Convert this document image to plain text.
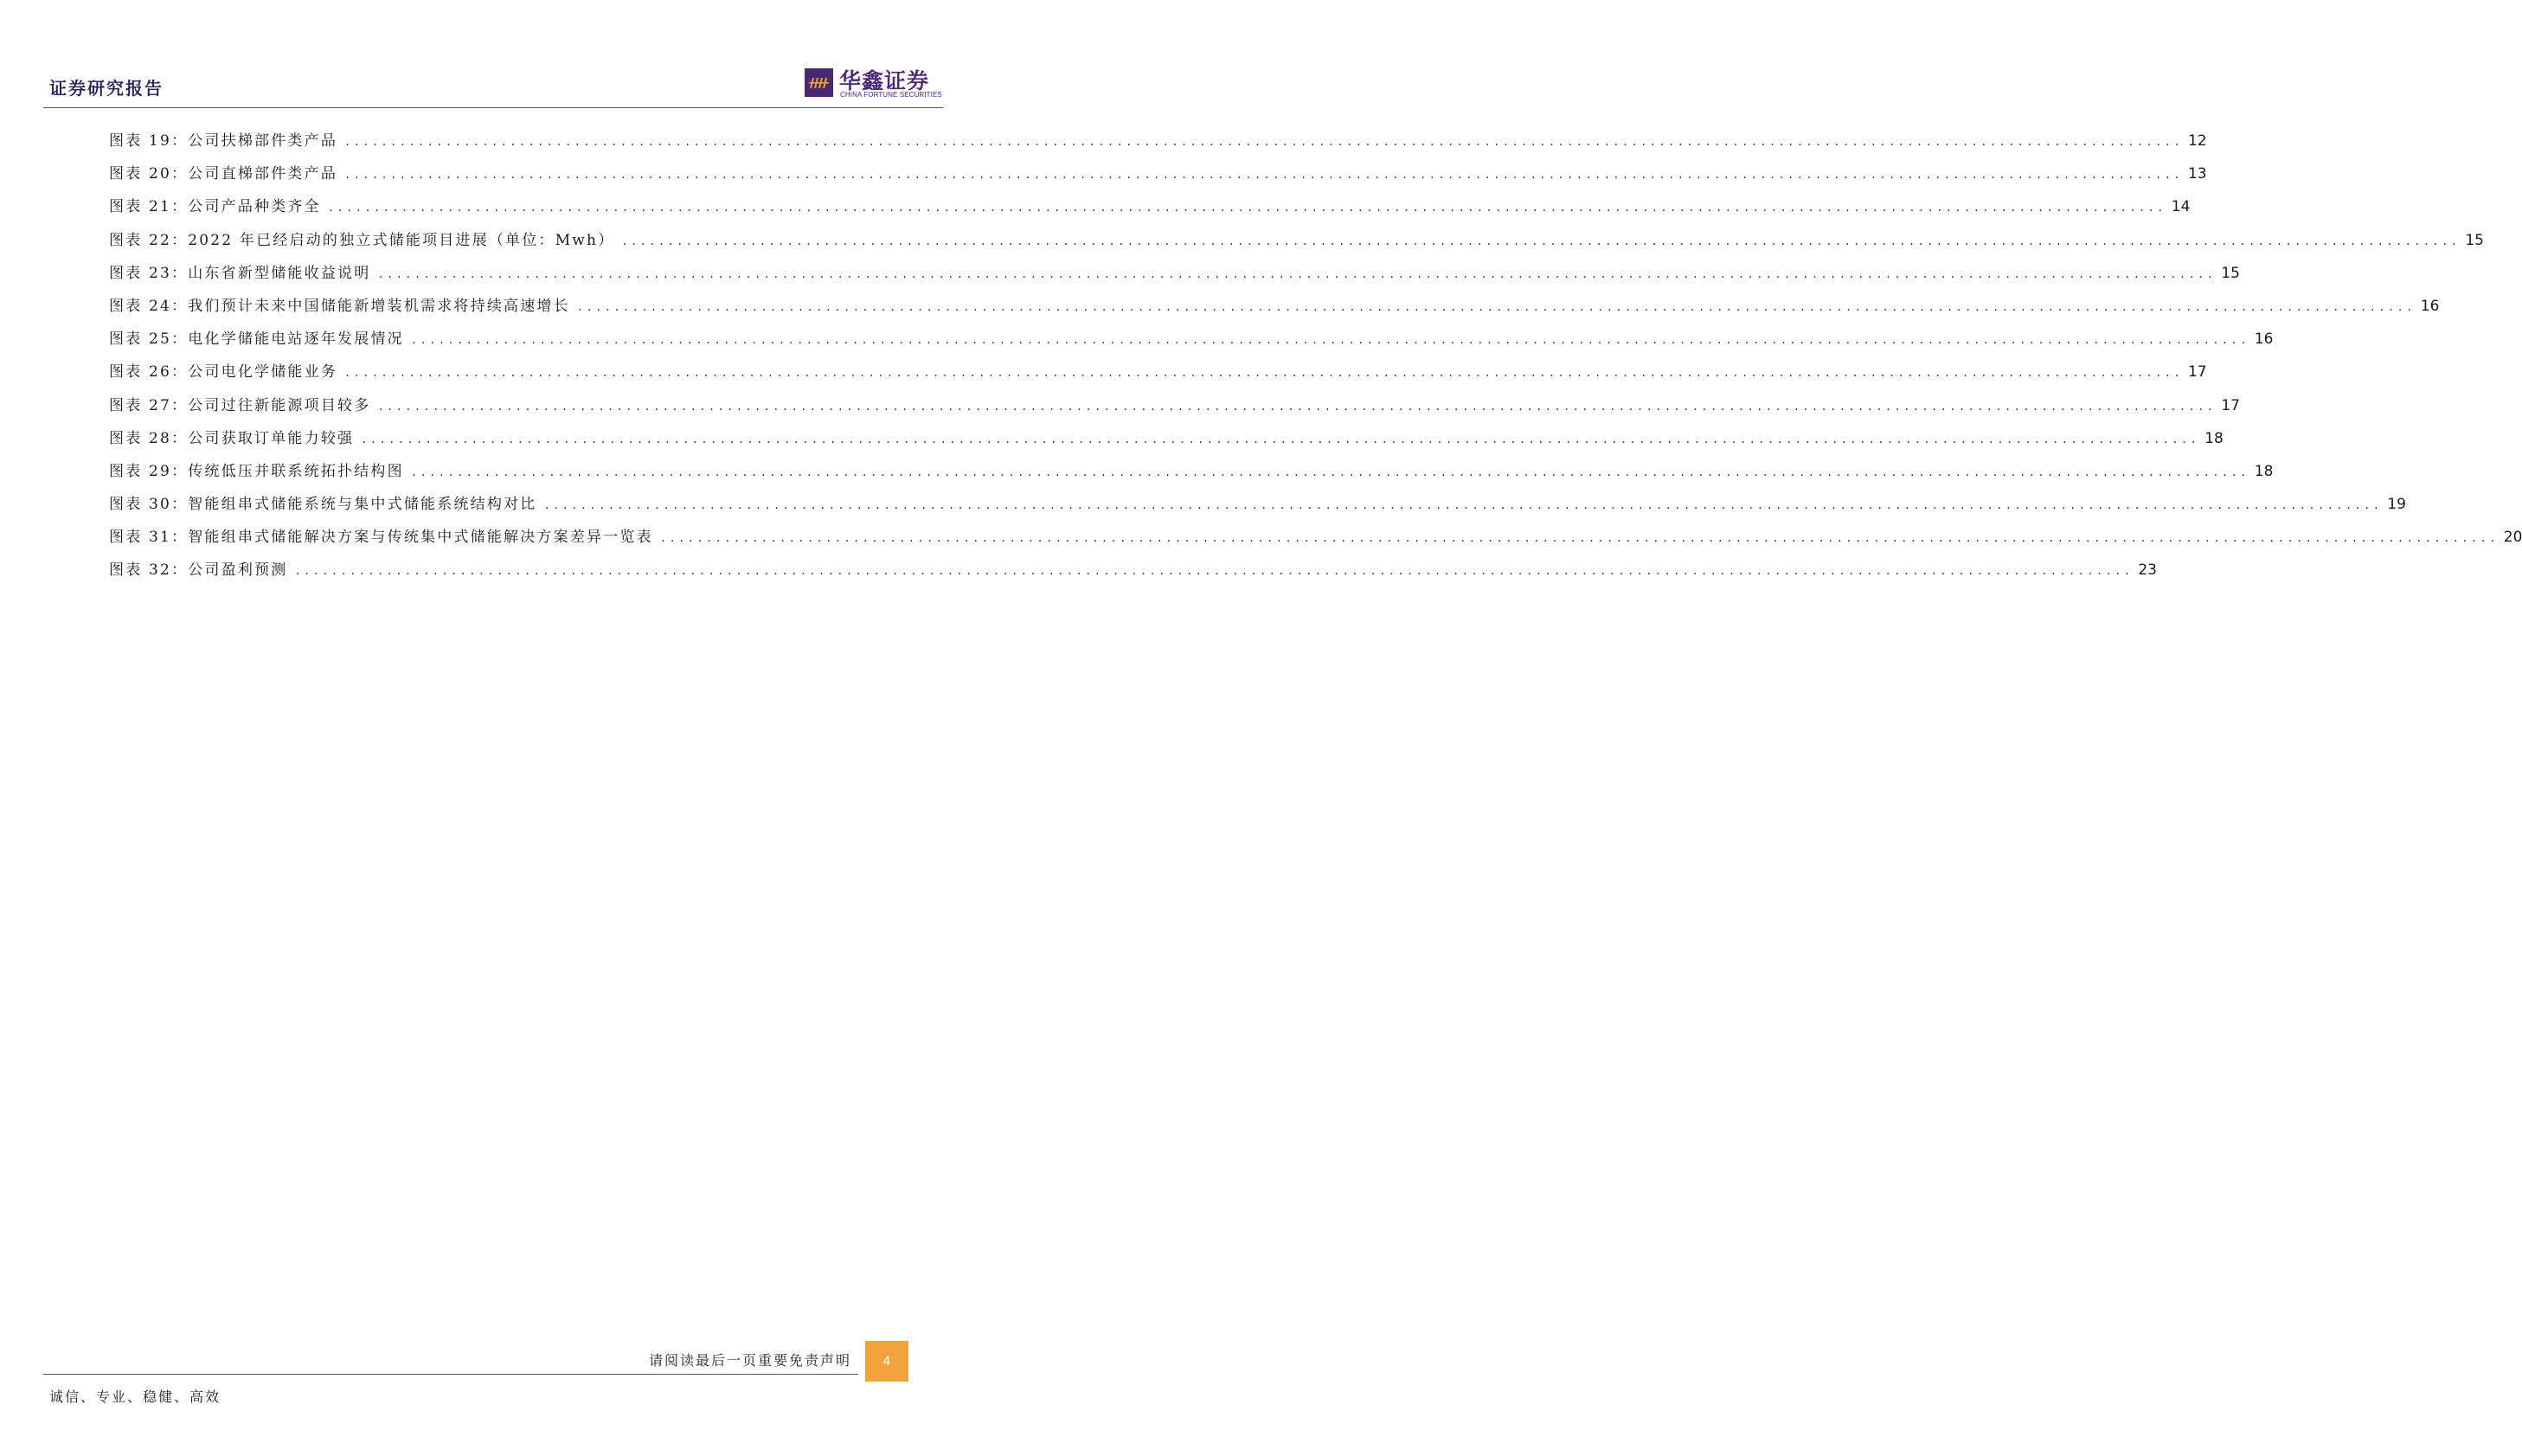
证券研究报告	华鑫证券
CHINA FORTUNE SECURITIES
图表 19：公司扶梯部件类产品 ........................................................................................................................................................................................................ 12
图表 20：公司直梯部件类产品 ........................................................................................................................................................................................................ 13
图表 21：公司产品种类齐全 ........................................................................................................................................................................................................ 14
图表 22：2022 年已经启动的独立式储能项目进展（单位：Mwh） ........................................................................................................................................................................................................ 15
图表 23：山东省新型储能收益说明 ........................................................................................................................................................................................................ 15
图表 24：我们预计未来中国储能新增装机需求将持续高速增长 ........................................................................................................................................................................................................ 16
图表 25：电化学储能电站逐年发展情况 ........................................................................................................................................................................................................ 16
图表 26：公司电化学储能业务 ........................................................................................................................................................................................................ 17
图表 27：公司过往新能源项目较多 ........................................................................................................................................................................................................ 17
图表 28：公司获取订单能力较强 ........................................................................................................................................................................................................ 18
图表 29：传统低压并联系统拓扑结构图 ........................................................................................................................................................................................................ 18
图表 30：智能组串式储能系统与集中式储能系统结构对比 ........................................................................................................................................................................................................ 19
图表 31：智能组串式储能解决方案与传统集中式储能解决方案差异一览表 ........................................................................................................................................................................................................ 20
图表 32：公司盈利预测 ........................................................................................................................................................................................................ 23
请阅读最后一页重要免责声明	4
诚信、专业、稳健、高效
